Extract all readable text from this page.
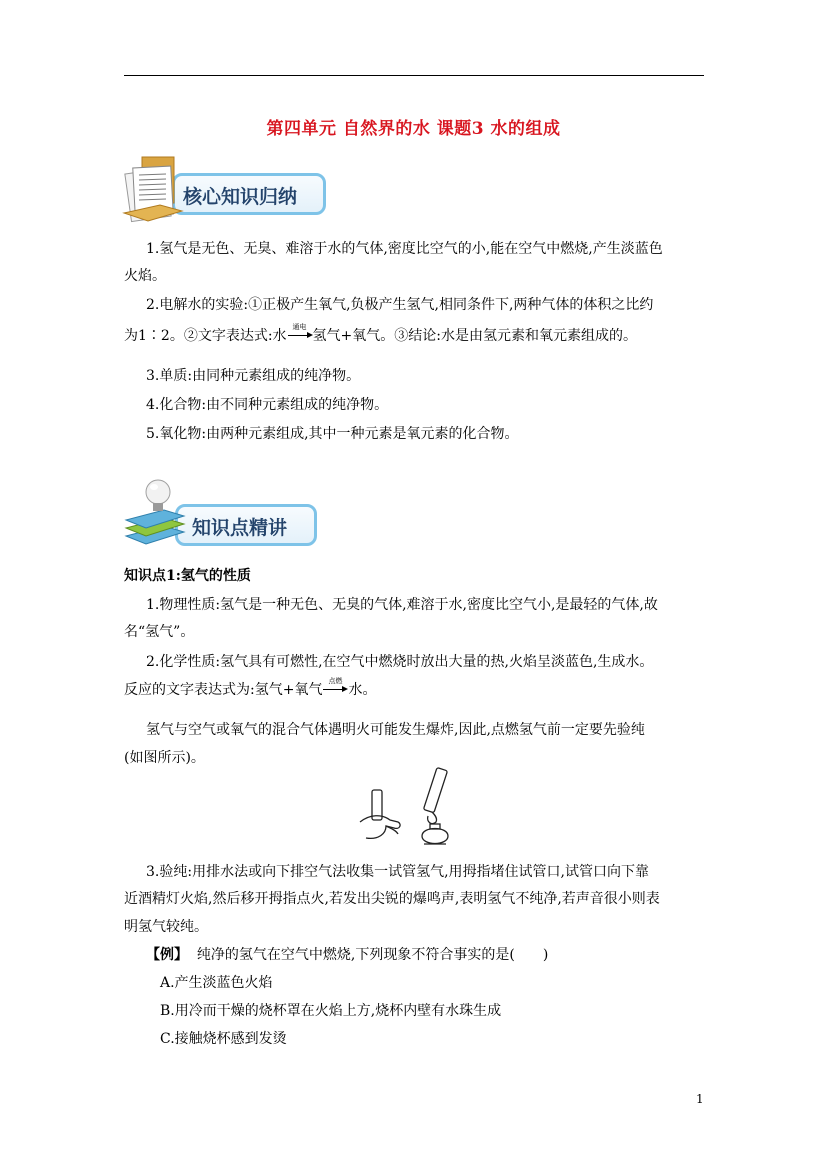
第四单元 自然界的水 课题3 水的组成
核心知识归纳
1.氢气是无色、无臭、难溶于水的气体,密度比空气的小,能在空气中燃烧,产生淡蓝色
火焰。
2.电解水的实验:①正极产生氧气,负极产生氢气,相同条件下,两种气体的体积之比约
为1∶2。②文字表达式:水
通电
氢气+氧气。③结论:水是由氢元素和氧元素组成的。
3.单质:由同种元素组成的纯净物。
4.化合物:由不同种元素组成的纯净物。
5.氧化物:由两种元素组成,其中一种元素是氧元素的化合物。
知识点精讲
知识点1:氢气的性质
1.物理性质:氢气是一种无色、无臭的气体,难溶于水,密度比空气小,是最轻的气体,故
名“氢气”。
2.化学性质:氢气具有可燃性,在空气中燃烧时放出大量的热,火焰呈淡蓝色,生成水。
反应的文字表达式为:氢气+氧气
点燃
水。
氢气与空气或氧气的混合气体遇明火可能发生爆炸,因此,点燃氢气前一定要先验纯
(如图所示)。
3.验纯:用排水法或向下排空气法收集一试管氢气,用拇指堵住试管口,试管口向下靠
近酒精灯火焰,然后移开拇指点火,若发出尖锐的爆鸣声,表明氢气不纯净,若声音很小则表
明氢气较纯。
【例】 纯净的氢气在空气中燃烧,下列现象不符合事实的是(　　)
A.产生淡蓝色火焰
B.用冷而干燥的烧杯罩在火焰上方,烧杯内壁有水珠生成
C.接触烧杯感到发烫
1
